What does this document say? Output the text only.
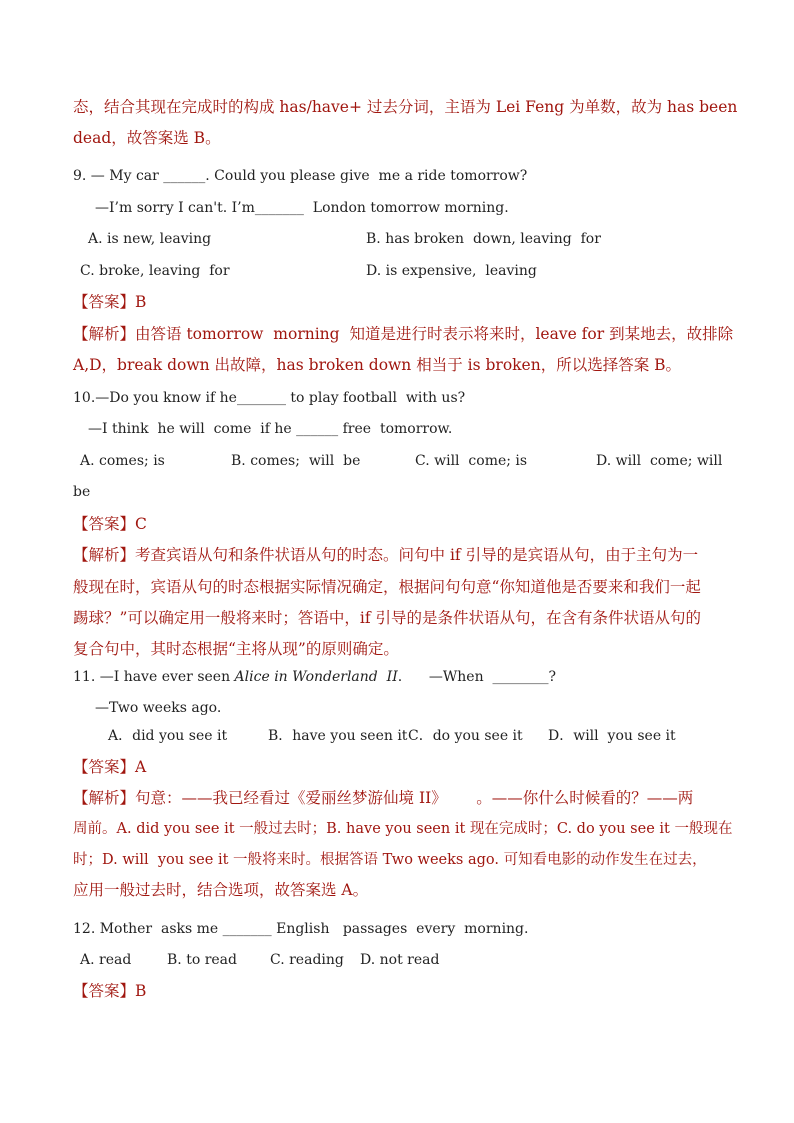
态，结合其现在完成时的构成 has/have+ 过去分词，主语为 Lei Feng 为单数，故为 has been
dead，故答案选 B。
9. — My car ______. Could you please give  me a ride tomorrow?
—I’m sorry I can't. I’m_______  London tomorrow morning.
A. is new, leaving	B. has broken  down, leaving  for
C. broke, leaving  for	D. is expensive,  leaving
【答案】B
【解析】由答语 tomorrow  morning  知道是进行时表示将来时，leave for 到某地去，故排除
A,D，break down 出故障，has broken down 相当于 is broken，所以选择答案 B。
10.—Do you know if he_______ to play football  with us?
—I think  he will  come  if he ______ free  tomorrow.
A. comes; is	B. comes;  will  be	C. will  come; is	D. will  come; will
be
【答案】C
【解析】考查宾语从句和条件状语从句的时态。问句中 if 引导的是宾语从句，由于主句为一
般现在时，宾语从句的时态根据实际情况确定，根据问句句意“你知道他是否要来和我们一起
踢球？”可以确定用一般将来时；答语中，if 引导的是条件状语从句，在含有条件状语从句的
复合句中，其时态根据“主将从现”的原则确定。
11. —I have ever seen Alice in Wonderland  II.      —When  ________?
—Two weeks ago.
A．did you see it	B．have you seen it C．do you see it D．will  you see it
【答案】A
【解析】句意：——我已经看过《爱丽丝梦游仙境 II》      。——你什么时候看的？——两
周前。A. did you see it 一般过去时；B. have you seen it 现在完成时；C. do you see it 一般现在
时；D. will  you see it 一般将来时。根据答语 Two weeks ago. 可知看电影的动作发生在过去，
应用一般过去时，结合选项，故答案选 A。
12. Mother  asks me _______ English   passages  every  morning.
A. read	B. to read C. reading D. not read
【答案】B
